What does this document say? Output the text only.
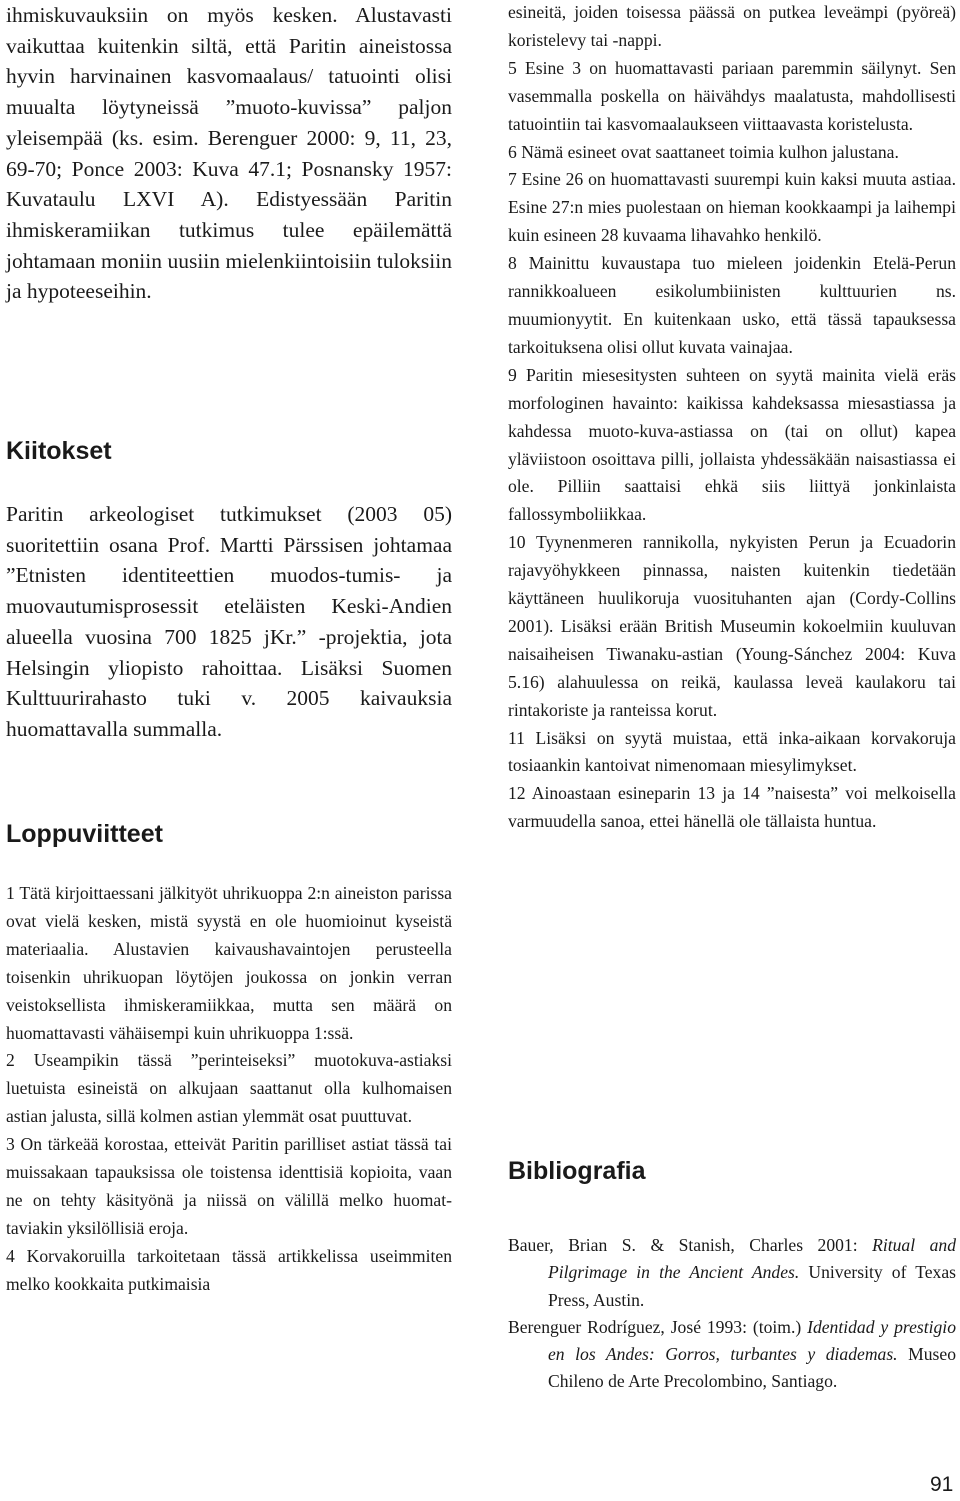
ihmiskuvauksiin on myös kesken. Alustavasti vaikuttaa kuitenkin siltä, että Paritin aineistossa hyvin harvinainen kasvomaalaus/ tatuointi olisi muualta löytyneissä ”muoto-kuvissa” paljon yleisempää (ks. esim. Berenguer 2000: 9, 11, 23, 69-70; Ponce 2003: Kuva 47.1; Posnansky 1957: Kuvataulu LXVI A). Edistyessään Paritin ihmiskeramiikan tutkimus tulee epäilemättä johtamaan moniin uusiin mielenkiintoisiin tuloksiin ja hypoteeseihin.

Kiitokset

Paritin arkeologiset tutkimukset (2003 05) suoritettiin osana Prof. Martti Pärssisen johtamaa ”Etnisten identiteettien muodos-tumis- ja muovautumisprosessit eteläisten Keski-Andien alueella vuosina 700 1825 jKr.” -projektia, jota Helsingin yliopisto rahoittaa. Lisäksi Suomen Kulttuurirahasto tuki v. 2005 kaivauksia huomattavalla summalla.

Loppuviitteet

1 Tätä kirjoittaessani jälkityöt uhrikuoppa 2:n aineiston parissa ovat vielä kesken, mistä syystä en ole huomioinut kyseistä materiaalia. Alustavien kaivaushavaintojen perusteella toisenkin uhrikuopan löytöjen joukossa on jonkin verran veistoksellista ihmiskeramiikkaa, mutta sen määrä on huomattavasti vähäisempi kuin uhrikuoppa 1:ssä.

2 Useampikin tässä ”perinteiseksi” muotokuva-astiaksi luetuista esineistä on alkujaan saattanut olla kulhomaisen astian jalusta, sillä kolmen astian ylemmät osat puuttuvat.

3 On tärkeää korostaa, etteivät Paritin parilliset astiat tässä tai muissakaan tapauksissa ole toistensa identtisiä kopioita, vaan ne on tehty käsityönä ja niissä on välillä melko huomat-taviakin yksilöllisiä eroja.

4 Korvakoruilla tarkoitetaan tässä artikkelissa useimmiten melko kookkaita putkimaisia

esineitä, joiden toisessa päässä on putkea leveämpi (pyöreä) koristelevy tai -nappi.

5 Esine 3 on huomattavasti pariaan paremmin säilynyt. Sen vasemmalla poskella on häivähdys maalatusta, mahdollisesti tatuointiin tai kasvomaalaukseen viittaavasta koristelusta.

6 Nämä esineet ovat saattaneet toimia kulhon jalustana.

7 Esine 26 on huomattavasti suurempi kuin kaksi muuta astiaa. Esine 27:n mies puolestaan on hieman kookkaampi ja laihempi kuin esineen 28 kuvaama lihavahko henkilö.

8 Mainittu kuvaustapa tuo mieleen joidenkin Etelä-Perun rannikkoalueen esikolumbiinisten kulttuurien ns. muumionyytit. En kuitenkaan usko, että tässä tapauksessa tarkoituksena olisi ollut kuvata vainajaa.

9 Paritin miesesitysten suhteen on syytä mainita vielä eräs morfologinen havainto: kaikissa kahdeksassa miesastiassa ja kahdessa muoto-kuva-astiassa on (tai on ollut) kapea yläviistoon osoittava pilli, jollaista yhdessäkään naisastiassa ei ole. Pilliin saattaisi ehkä siis liittyä jonkinlaista fallossymboliikkaa.

10 Tyynenmeren rannikolla, nykyisten Perun ja Ecuadorin rajavyöhykkeen pinnassa, naisten kuitenkin tiedetään käyttäneen huulikoruja vuosituhanten ajan (Cordy-Collins 2001). Lisäksi erään British Museumin kokoelmiin kuuluvan naisaiheisen Tiwanaku-astian (Young-Sánchez 2004: Kuva 5.16) alahuulessa on reikä, kaulassa leveä kaulakoru tai rintakoriste ja ranteissa korut.

11 Lisäksi on syytä muistaa, että inka-aikaan korvakoruja tosiaankin kantoivat nimenomaan miesylimykset.

12 Ainoastaan esineparin 13 ja 14 ”naisesta” voi melkoisella varmuudella sanoa, ettei hänellä ole tällaista huntua.

Bibliografia

Bauer, Brian S. & Stanish, Charles 2001: Ritual and Pilgrimage in the Ancient Andes. University of Texas Press, Austin.

Berenguer Rodríguez, José 1993: (toim.) Identidad y prestigio en los Andes: Gorros, turbantes y diademas. Museo Chileno de Arte Precolombino, Santiago.

91
